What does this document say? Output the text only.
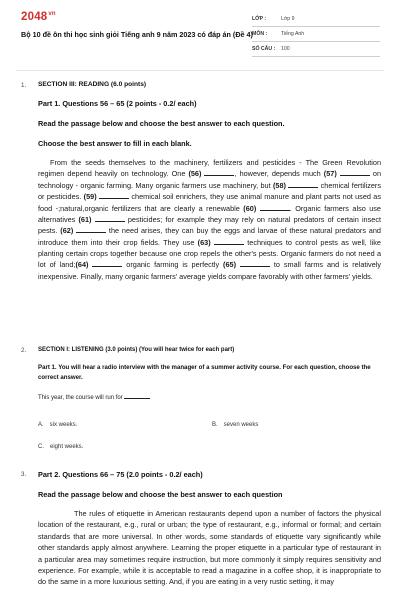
$2048^{vn}$
Bộ 10 đề ôn thi học sinh giỏi Tiếng anh 9 năm 2023 có đáp án (Đề 4)
LỚP :	Lớp 9
MÔN :	Tiếng Anh
SỐ CÂU :	100
1. SECTION III: READING (6.0 points)
Part 1. Questions 56 – 65 (2 points - 0.2/ each)
Read the passage below and choose the best answer to each question.
Choose the best answer to fill in each blank.

From the seeds themselves to the machinery, fertilizers and pesticides - The Green Revolution regimen depend heavily on technology. One (56)	, however, depends much (57)	on technology - organic farming. Many organic farmers use machinery, but (58)	chemical fertilizers or pesticides. (59)	chemical soil enrichers, they use animal manure and plant parts not used as food -;natural,organic fertilizers that are clearly a renewable (60)	. Organic farmers also use alternatives (61)	pesticides; for example they may rely on natural predators of certain insect pests. (62)	the need arises, they can buy the eggs and larvae of these natural predators and introduce them into their crop fields. They use (63)	techniques to control pests as well, like planting certain crops together because one crop repels the other's pests. Organic farmers do not need a lot of land;(64)	organic farming is perfectly (65)	to small farms and is relatively inexpensive. Finally, many organic farmers' average yields compare favorably with other farmers' yields.

2. SECTION I: LISTENING (3.0 points) (You will hear twice for each part)
Part 1. You will hear a radio interview with the manager of a summer activity course. For each question, choose the correct answer.
This year, the course will run for
A. six weeks.	B. seven weeks
C. eight weeks.
3. Part 2. Questions 66 – 75 (2.0 points - 0.2/ each)
Read the passage below and choose the best answer to each question

The rules of etiquette in American restaurants depend upon a number of factors the physical location of the restaurant, e.g., rural or urban; the type of restaurant, e.g., informal or formal; and certain standards that are more universal. In other words, some standards of etiquette vary significantly while other standards apply almost anywhere. Learning the proper etiquette in a particular type of restaurant in a particular area may sometimes require instruction, but more commonly it simply requires sensitivity and experience. For example, while it is acceptable to read a magazine in a coffee shop, it is inappropriate to do the same in a more luxurious setting. And, if you are eating in a very rustic setting, it may
